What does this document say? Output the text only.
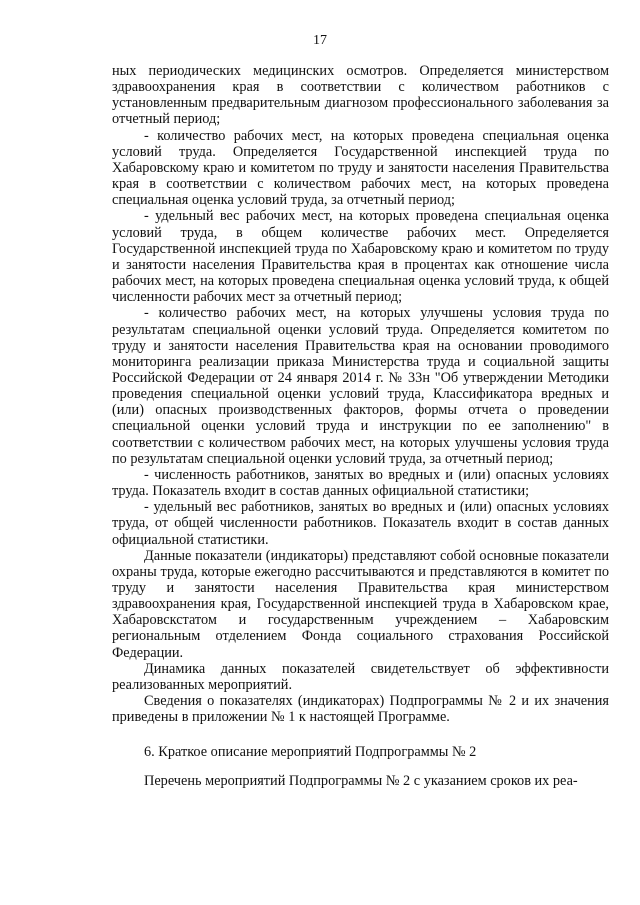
17

ных периодических медицинских осмотров. Определяется министерством здравоохранения края в соответствии с количеством работников с установленным предварительным диагнозом профессионального заболевания за отчетный период;

- количество рабочих мест, на которых проведена специальная оценка условий труда. Определяется Государственной инспекцией труда по Хабаровскому краю и комитетом по труду и занятости населения Правительства края в соответствии с количеством рабочих мест, на которых проведена специальная оценка условий труда, за отчетный период;

- удельный вес рабочих мест, на которых проведена специальная оценка условий труда, в общем количестве рабочих мест. Определяется Государственной инспекцией труда по Хабаровскому краю и комитетом по труду и занятости населения Правительства края в процентах как отношение числа рабочих мест, на которых проведена специальная оценка условий труда, к общей численности рабочих мест за отчетный период;

- количество рабочих мест, на которых улучшены условия труда по результатам специальной оценки условий труда. Определяется комитетом по труду и занятости населения Правительства края на основании проводимого мониторинга реализации приказа Министерства труда и социальной защиты Российской Федерации от 24 января 2014 г. № 33н "Об утверждении Методики проведения специальной оценки условий труда, Классификатора вредных и (или) опасных производственных факторов, формы отчета о проведении специальной оценки условий труда и инструкции по ее заполнению" в соответствии с количеством рабочих мест, на которых улучшены условия труда по результатам специальной оценки условий труда, за отчетный период;

- численность работников, занятых во вредных и (или) опасных условиях труда. Показатель входит в состав данных официальной статистики;

- удельный вес работников, занятых во вредных и (или) опасных условиях труда, от общей численности работников. Показатель входит в состав данных официальной статистики.

Данные показатели (индикаторы) представляют собой основные показатели охраны труда, которые ежегодно рассчитываются и представляются в комитет по труду и занятости населения Правительства края министерством здравоохранения края, Государственной инспекцией труда в Хабаровском крае, Хабаровскстатом и государственным учреждением – Хабаровским региональным отделением Фонда социального страхования Российской Федерации.

Динамика данных показателей свидетельствует об эффективности реализованных мероприятий.

Сведения о показателях (индикаторах) Подпрограммы № 2 и их значения приведены в приложении № 1 к настоящей Программе.

6. Краткое описание мероприятий Подпрограммы № 2

Перечень мероприятий Подпрограммы № 2 с указанием сроков их реа-
